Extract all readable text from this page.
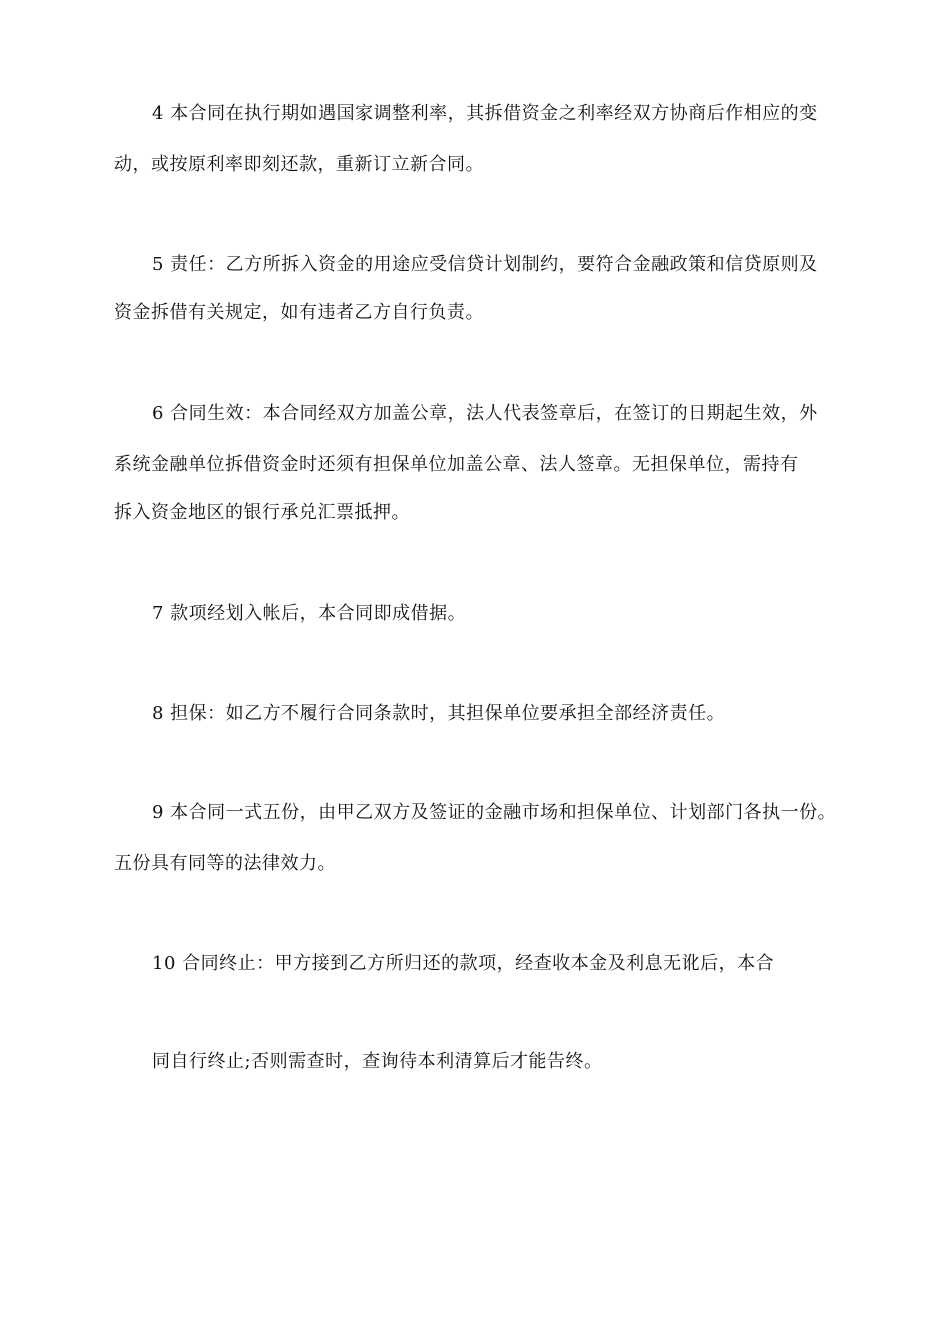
4 本合同在执行期如遇国家调整利率，其拆借资金之利率经双方协商后作相应的变
动，或按原利率即刻还款，重新订立新合同。
5 责任：乙方所拆入资金的用途应受信贷计划制约，要符合金融政策和信贷原则及
资金拆借有关规定，如有违者乙方自行负责。
6 合同生效：本合同经双方加盖公章，法人代表签章后，在签订的日期起生效，外
系统金融单位拆借资金时还须有担保单位加盖公章、法人签章。无担保单位，需持有
拆入资金地区的银行承兑汇票抵押。
7 款项经划入帐后，本合同即成借据。
8 担保：如乙方不履行合同条款时，其担保单位要承担全部经济责任。
9 本合同一式五份，由甲乙双方及签证的金融市场和担保单位、计划部门各执一份。
五份具有同等的法律效力。
10 合同终止：甲方接到乙方所归还的款项，经查收本金及利息无讹后，本合
同自行终止;否则需查时，查询待本利清算后才能告终。
